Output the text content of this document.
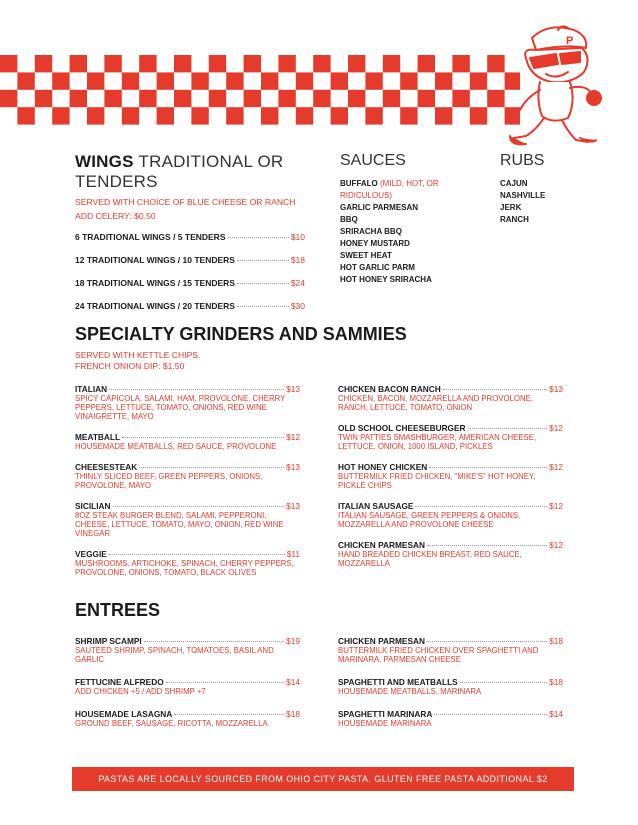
P
WINGS TRADITIONAL OR TENDERS
SERVED WITH CHOICE OF BLUE CHEESE OR RANCH
ADD CELERY: $0.50
6 TRADITIONAL WINGS / 5 TENDERS	$10
12 TRADITIONAL WINGS / 10 TENDERS	$18
18 TRADITIONAL WINGS / 15 TENDERS	$24
24 TRADITIONAL WINGS / 20 TENDERS	$30
SAUCES
BUFFALO (MILD, HOT, OR RIDICULOUS)
GARLIC PARMESAN
BBQ
SRIRACHA BBQ
HONEY MUSTARD
SWEET HEAT
HOT GARLIC PARM
HOT HONEY SRIRACHA
RUBS
CAJUN
NASHVILLE
JERK
RANCH
SPECIALTY GRINDERS AND SAMMIES
SERVED WITH KETTLE CHIPS.
FRENCH ONION DIP: $1.50
ITALIAN	$13
SPICY CAPICOLA, SALAMI, HAM, PROVOLONE, CHERRY PEPPERS, LETTUCE, TOMATO, ONIONS, RED WINE VINAIGRETTE, MAYO
MEATBALL	$12
HOUSEMADE MEATBALLS, RED SAUCE, PROVOLONE
CHEESESTEAK	$13
THINLY SLICED BEEF, GREEN PEPPERS, ONIONS, PROVOLONE, MAYO
SICILIAN	$13
8OZ STEAK BURGER BLEND, SALAMI, PEPPERONI, CHEESE, LETTUCE, TOMATO, MAYO, ONION, RED WINE VINEGAR
VEGGIE	$11
MUSHROOMS, ARTICHOKE, SPINACH, CHERRY PEPPERS, PROVOLONE, ONIONS, TOMATO, BLACK OLIVES
CHICKEN BACON RANCH	$13
CHICKEN, BACON, MOZZARELLA AND PROVOLONE, RANCH, LETTUCE, TOMATO, ONION
OLD SCHOOL CHEESEBURGER	$12
TWIN PATTIES SMASHBURGER, AMERICAN CHEESE, LETTUCE, ONION, 1000 ISLAND, PICKLES
HOT HONEY CHICKEN	$12
BUTTERMILK FRIED CHICKEN, "MIKE'S" HOT HONEY, PICKLE CHIPS
ITALIAN SAUSAGE	$12
ITALIAN SAUSAGE, GREEN PEPPERS & ONIONS, MOZZARELLA AND PROVOLONE CHEESE
CHICKEN PARMESAN	$12
HAND BREADED CHICKEN BREAST, RED SAUCE, MOZZARELLA
ENTREES
SHRIMP SCAMPI	$19
SAUTÉED SHRIMP, SPINACH, TOMATOES, BASIL AND GARLIC
FETTUCINE ALFREDO	$14
ADD CHICKEN +5 / ADD SHRIMP +7
HOUSEMADE LASAGNA	$18
GROUND BEEF, SAUSAGE, RICOTTA, MOZZARELLA
CHICKEN PARMESAN	$18
BUTTERMILK FRIED CHICKEN OVER SPAGHETTI AND MARINARA, PARMESAN CHEESE
SPAGHETTI AND MEATBALLS	$18
HOUSEMADE MEATBALLS, MARINARA
SPAGHETTI MARINARA	$14
HOUSEMADE MARINARA
PASTAS ARE LOCALLY SOURCED FROM OHIO CITY PASTA. GLUTEN FREE PASTA ADDITIONAL $2
